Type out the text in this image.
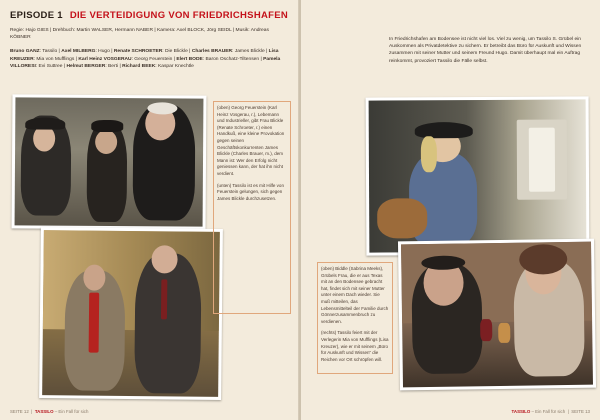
EPISODE 1 DIE VERTEIDIGUNG VON FRIEDRICHSHAFEN
Regie: Hajo GIES | Drehbuch: Martin WALSER, Hermann NABER | Kamera: Axel BLOCK, Jörg SEIDL | Musik: Andreas KÖBNER
Bruno GANZ: Tassilo | Axel MILBERG: Hugo | Renate SCHROETER: Die Blickle | Charles BRAUER: James Blickle | Lisa KREUZER: Mia von Mufflings | Karl Heinz VOSGERAU: Georg Feuerstein | Elert BODE: Baron Oschatz-Tiltensen | Pamela VILLORESI: Evi Suttree | Helmut BERGER: Berti | Richard BEEK: Kaspar Knechtle
(oben) Georg Feuerstein (Karl Heinz Vosgerau, r.), Lebemann und Industrieller, gibt Frau Blickle (Renate Schroeter, r.) einen Handkuß, eine kleine Provokation gegen seinen Geschäftskonkurrenten James Blickle (Charles Brauer, m.), dem Mann ist: Wer den Erfolg nicht geniessen kann, der hat ihn nicht verdient.
(unten) Tassilo ist es mit Hilfe von Feuerstein gelungen, sich gegen James Blickle durchzusetzen.
SEITE 12  |  TASSILO – Ein Fall für sich
In Friedrichshafen am Bodensee ist nicht viel los. Viel zu wenig, um Tassilo S. Grübel ein Auskommen als Privatdetektive zu sichern. Er betreibt das Büro für Auskunft und Wissen zusammen mit seiner Mutter und seinem Freund Hugo. Damit überhaupt mal ein Auftrag reinkommt, provoziert Tassilo die Fälle selbst.
(oben) Biddle (Sabrina Meeks), Grübels Frau, die er aus Texas mit an den Bodensee gebracht hat, findet sich mit seiner Mutter unter einem Dach wieder. Sie muß mitteilen, das Lebensmittelteil der Familie durch Gönnerzusammenbruch zu verdienen.
(rechts) Tassilo feiert mit der Verlegerin Mia von Mufflings (Lisa Kreuzer), wie er mit seinem „Büro für Auskunft und Wissen“ die Reichen vor Ort schröpfen will.
TASSILO – Ein Fall für sich  |  SEITE 13
